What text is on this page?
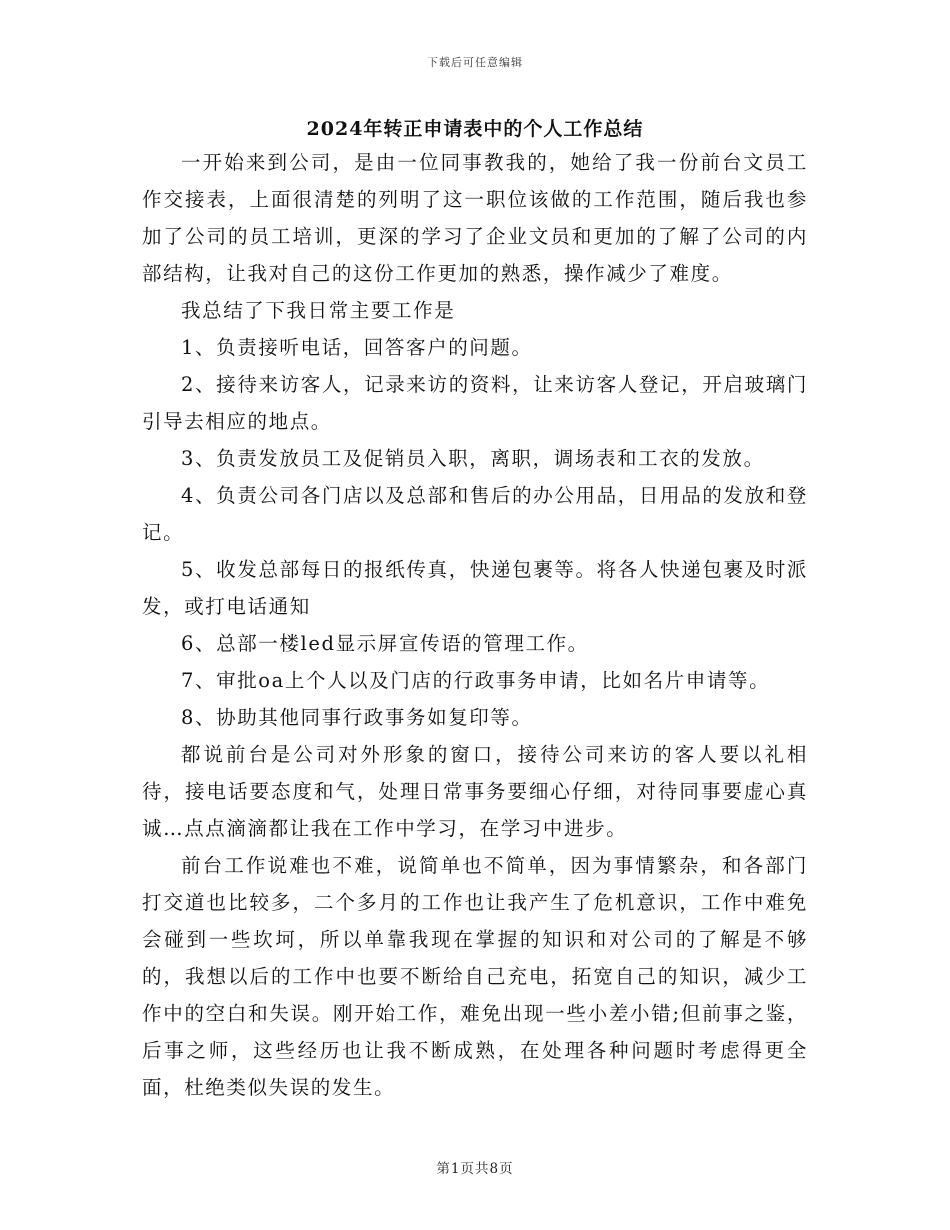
下载后可任意编辑
2024年转正申请表中的个人工作总结

一开始来到公司，是由一位同事教我的，她给了我一份前台文员工作交接表，上面很清楚的列明了这一职位该做的工作范围，随后我也参加了公司的员工培训，更深的学习了企业文员和更加的了解了公司的内部结构，让我对自己的这份工作更加的熟悉，操作减少了难度。

我总结了下我日常主要工作是

1、负责接听电话，回答客户的问题。

2、接待来访客人，记录来访的资料，让来访客人登记，开启玻璃门引导去相应的地点。

3、负责发放员工及促销员入职，离职，调场表和工衣的发放。

4、负责公司各门店以及总部和售后的办公用品，日用品的发放和登记。

5、收发总部每日的报纸传真，快递包裹等。将各人快递包裹及时派发，或打电话通知

6、总部一楼led显示屏宣传语的管理工作。

7、审批oa上个人以及门店的行政事务申请，比如名片申请等。

8、协助其他同事行政事务如复印等。

都说前台是公司对外形象的窗口，接待公司来访的客人要以礼相待，接电话要态度和气，处理日常事务要细心仔细，对待同事要虚心真诚…点点滴滴都让我在工作中学习，在学习中进步。

前台工作说难也不难，说简单也不简单，因为事情繁杂，和各部门打交道也比较多，二个多月的工作也让我产生了危机意识，工作中难免会碰到一些坎坷，所以单靠我现在掌握的知识和对公司的了解是不够的，我想以后的工作中也要不断给自己充电，拓宽自己的知识，减少工作中的空白和失误。刚开始工作，难免出现一些小差小错;但前事之鉴，后事之师，这些经历也让我不断成熟，在处理各种问题时考虑得更全面，杜绝类似失误的发生。

第1页共8页
